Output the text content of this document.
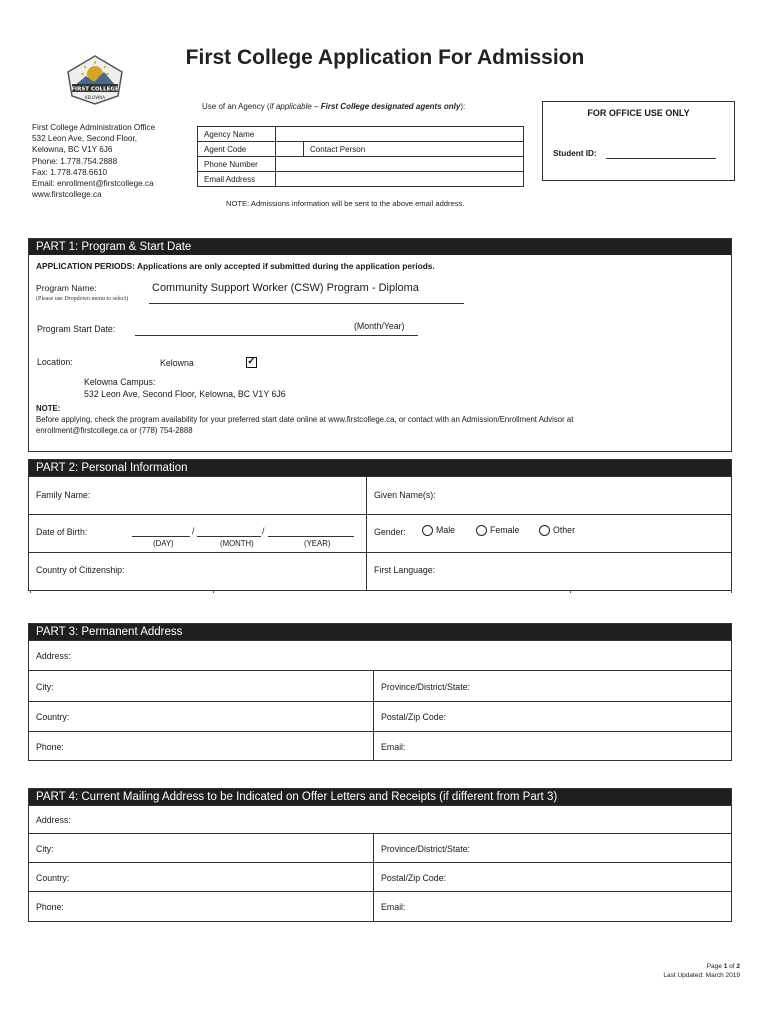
First College Application For Admission
FIRST COLLEGE
KELOWNA
First College Administration Office
532 Leon Ave, Second Floor,
Kelowna, BC V1Y 6J6
Phone: 1.778.754.2888
Fax: 1.778.478.6610
Email: enrollment@firstcollege.ca
www.firstcollege.ca
Use of an Agency (if applicable – First College designated agents only):
Agency Name		
Agent Code		Contact Person
Phone Number		
Email Address		
NOTE: Admissions information will be sent to the above email address.
FOR OFFICE USE ONLY
Student ID:
PART 1: Program & Start Date
APPLICATION PERIODS: Applications are only accepted if submitted during the application periods.
Program Name:
(Please use Dropdown menu to select)
Community Support Worker (CSW) Program - Diploma
Program Start Date:	(Month/Year)
Location:	Kelowna	✓
Kelowna Campus:
532 Leon Ave, Second Floor, Kelowna, BC V1Y 6J6
NOTE:
Before applying, check the program availability for your preferred start date online at www.firstcollege.ca, or contact with an Admission/Enrollment Advisor at
enrollment@firstcollege.ca or (778) 754-2888
PART 2: Personal Information
Family Name:	Given Name(s):
Date of Birth:	/	/
(DAY)	(MONTH)	(YEAR)
Gender:	Male	Female	Other
Country of Citizenship:	First Language:
PART 3: Permanent Address
Address:
City:	Province/District/State:
Country:	Postal/Zip Code:
Phone:	Email:
PART 4: Current Mailing Address to be Indicated on Offer Letters and Receipts (if different from Part 3)
Address:
City:	Province/District/State:
Country:	Postal/Zip Code:
Phone:	Email:
Page 1 of 2
Last Updated: March 2019
